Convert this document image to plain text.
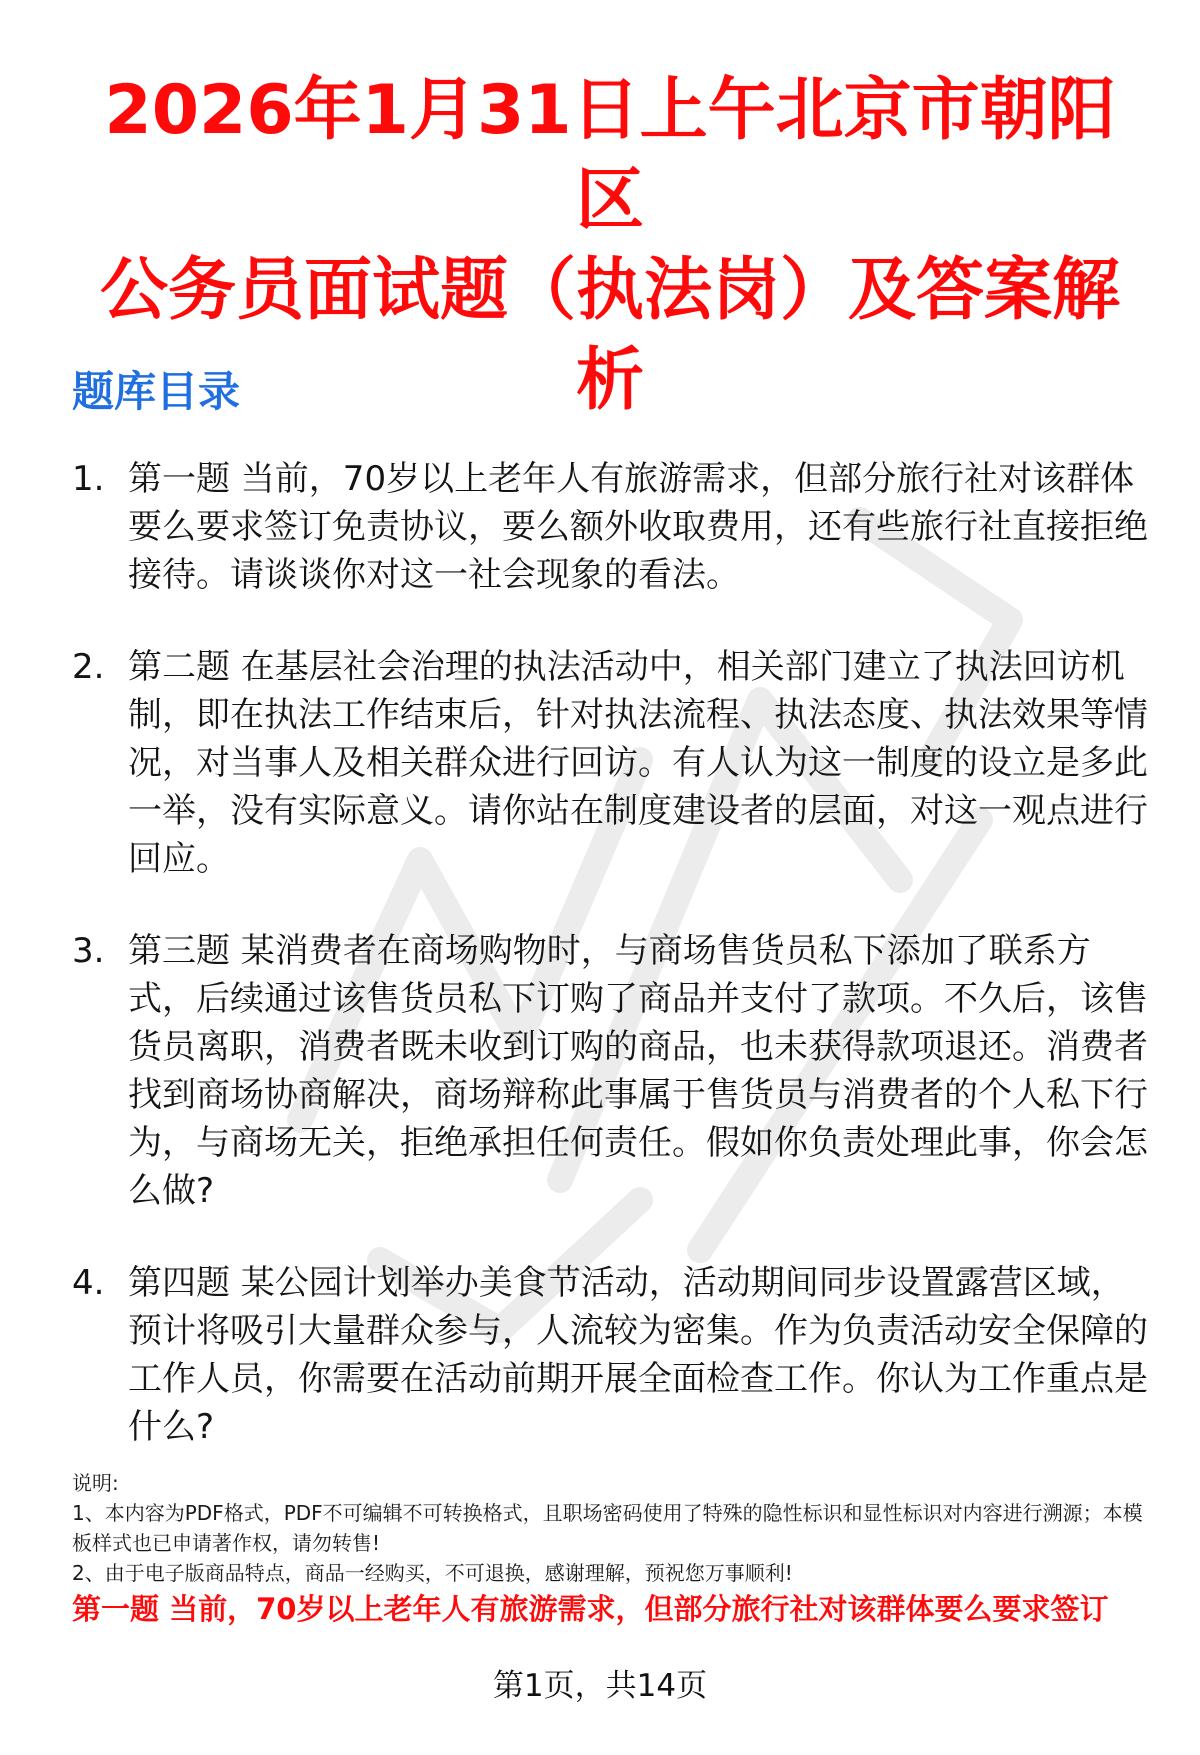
2026年1月31日上午北京市朝阳区
公务员面试题（执法岗）及答案解
析
题库目录
1. 第一题 当前，70岁以上老年人有旅游需求，但部分旅行社对该群体要么要求签订免责协议，要么额外收取费用，还有些旅行社直接拒绝接待。请谈谈你对这一社会现象的看法。
2. 第二题 在基层社会治理的执法活动中，相关部门建立了执法回访机制，即在执法工作结束后，针对执法流程、执法态度、执法效果等情况，对当事人及相关群众进行回访。有人认为这一制度的设立是多此一举，没有实际意义。请你站在制度建设者的层面，对这一观点进行回应。
3. 第三题 某消费者在商场购物时，与商场售货员私下添加了联系方式，后续通过该售货员私下订购了商品并支付了款项。不久后，该售货员离职，消费者既未收到订购的商品，也未获得款项退还。消费者找到商场协商解决，商场辩称此事属于售货员与消费者的个人私下行为，与商场无关，拒绝承担任何责任。假如你负责处理此事，你会怎么做?
4. 第四题 某公园计划举办美食节活动，活动期间同步设置露营区域，预计将吸引大量群众参与，人流较为密集。作为负责活动安全保障的工作人员，你需要在活动前期开展全面检查工作。你认为工作重点是什么?

说明:

1、本内容为PDF格式，PDF不可编辑不可转换格式，且职场密码使用了特殊的隐性标识和显性标识对内容进行溯源；本模板样式也已申请著作权，请勿转售!

2、由于电子版商品特点，商品一经购买，不可退换，感谢理解，预祝您万事顺利!

第一题 当前，70岁以上老年人有旅游需求，但部分旅行社对该群体要么要求签订

第1页，共14页
